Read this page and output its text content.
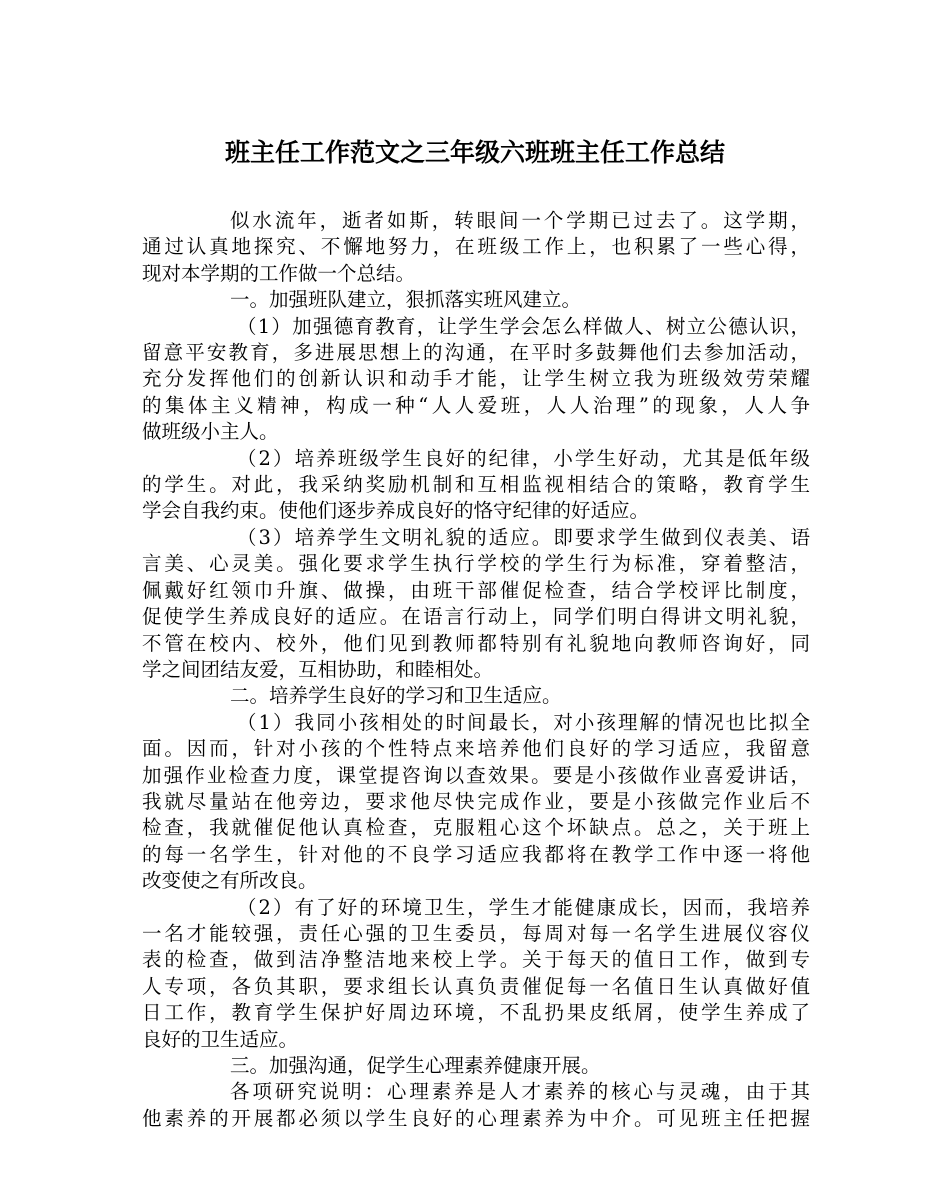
班主任工作范文之三年级六班班主任工作总结
似水流年，逝者如斯，转眼间一个学期已过去了。这学期，
通过认真地探究、不懈地努力，在班级工作上，也积累了一些心得，
现对本学期的工作做一个总结。
一。加强班队建立，狠抓落实班风建立。
（1）加强德育教育，让学生学会怎么样做人、树立公德认识，
留意平安教育，多进展思想上的沟通，在平时多鼓舞他们去参加活动，
充分发挥他们的创新认识和动手才能，让学生树立我为班级效劳荣耀
的集体主义精神，构成一种“人人爱班，人人治理”的现象，人人争
做班级小主人。
（2）培养班级学生良好的纪律，小学生好动，尤其是低年级
的学生。对此，我采纳奖励机制和互相监视相结合的策略，教育学生
学会自我约束。使他们逐步养成良好的恪守纪律的好适应。
（3）培养学生文明礼貌的适应。即要求学生做到仪表美、语
言美、心灵美。强化要求学生执行学校的学生行为标准，穿着整洁，
佩戴好红领巾升旗、做操，由班干部催促检查，结合学校评比制度，
促使学生养成良好的适应。在语言行动上，同学们明白得讲文明礼貌，
不管在校内、校外，他们见到教师都特别有礼貌地向教师咨询好，同
学之间团结友爱，互相协助，和睦相处。
二。培养学生良好的学习和卫生适应。
（1）我同小孩相处的时间最长，对小孩理解的情况也比拟全
面。因而，针对小孩的个性特点来培养他们良好的学习适应，我留意
加强作业检查力度，课堂提咨询以查效果。要是小孩做作业喜爱讲话，
我就尽量站在他旁边，要求他尽快完成作业，要是小孩做完作业后不
检查，我就催促他认真检查，克服粗心这个坏缺点。总之，关于班上
的每一名学生，针对他的不良学习适应我都将在教学工作中逐一将他
改变使之有所改良。
（2）有了好的环境卫生，学生才能健康成长，因而，我培养
一名才能较强，责任心强的卫生委员，每周对每一名学生进展仪容仪
表的检查，做到洁净整洁地来校上学。关于每天的值日工作，做到专
人专项，各负其职，要求组长认真负责催促每一名值日生认真做好值
日工作，教育学生保护好周边环境，不乱扔果皮纸屑，使学生养成了
良好的卫生适应。
三。加强沟通，促学生心理素养健康开展。
各项研究说明：心理素养是人才素养的核心与灵魂，由于其
他素养的开展都必须以学生良好的心理素养为中介。可见班主任把握
